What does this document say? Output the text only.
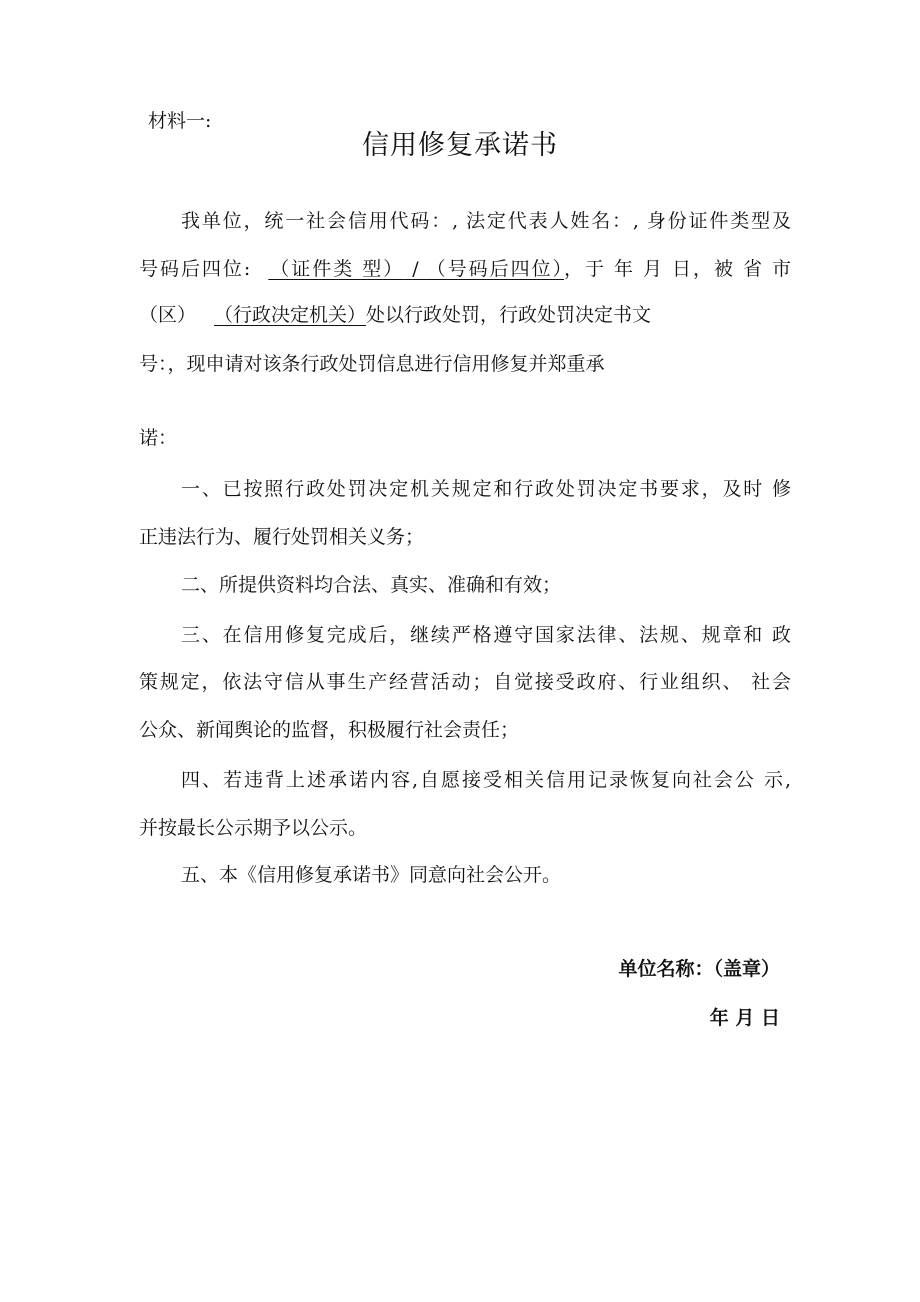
材料一:
信用修复承诺书
我单位，统一社会信用代码：, 法定代表人姓名：, 身份证件类型及
号码后四位: （证件类 型） / （号码后四位），于 年 月 日，被 省 市
（区） （行政决定机关）处以行政处罚，行政处罚决定书文
号：，现申请对该条行政处罚信息进行信用修复并郑重承
诺：
一、已按照行政处罚决定机关规定和行政处罚决定书要求，及时 修
正违法行为、履行处罚相关义务；
二、所提供资料均合法、真实、准确和有效；
三、在信用修复完成后，继续严格遵守国家法律、法规、规章和 政
策规定，依法守信从事生产经营活动；自觉接受政府、行业组织、 社会
公众、新闻舆论的监督，积极履行社会责任；
四、若违背上述承诺内容,自愿接受相关信用记录恢复向社会公 示,
并按最长公示期予以公示。
五、本《信用修复承诺书》同意向社会公开。
单位名称：（盖章）
年 月 日
